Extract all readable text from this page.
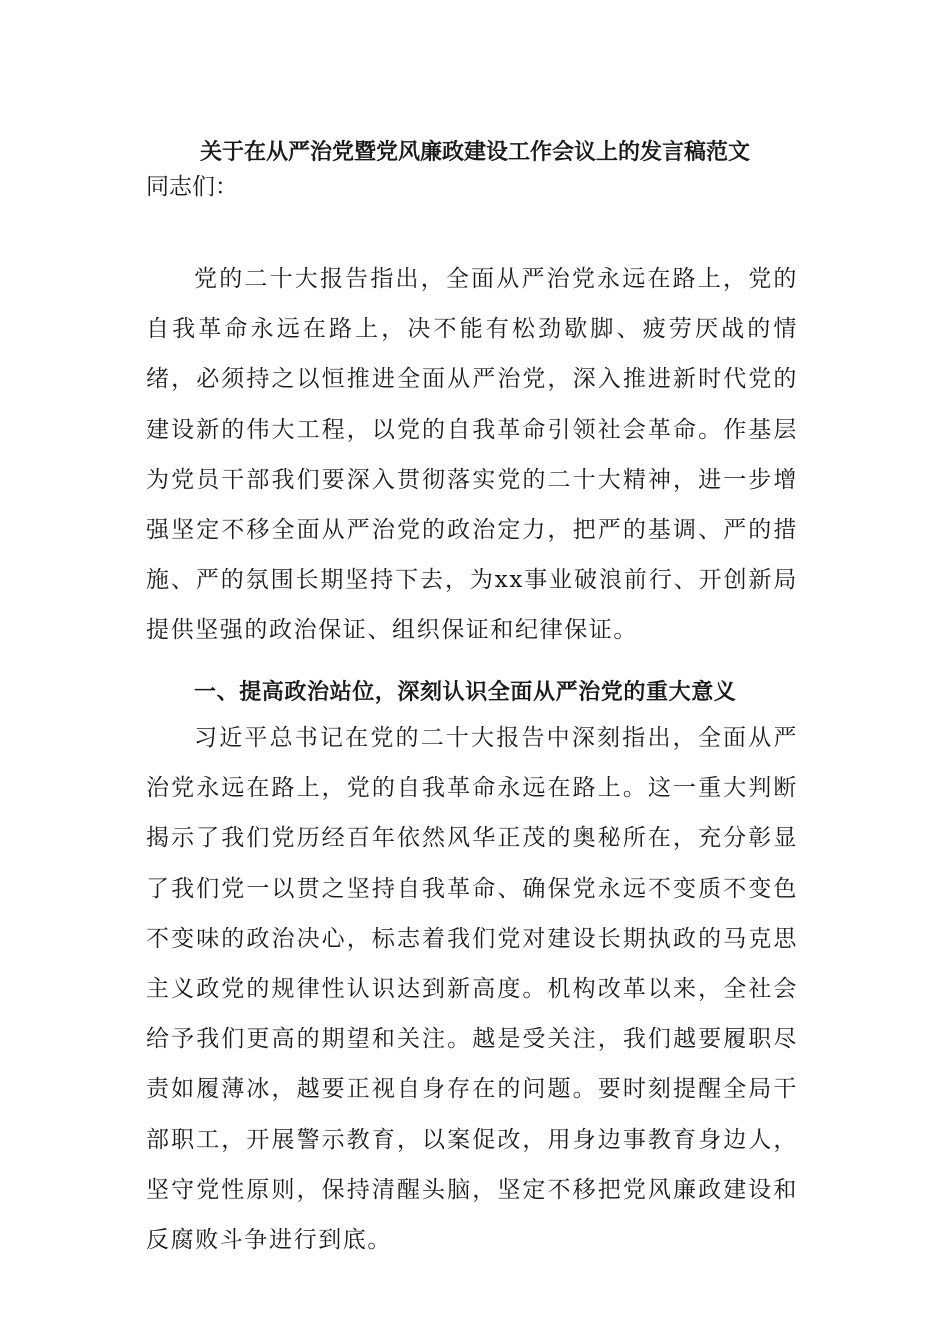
关于在从严治党暨党风廉政建设工作会议上的发言稿范文

同志们：

党的二十大报告指出，全面从严治党永远在路上，党的自我革命永远在路上，决不能有松劲歇脚、疲劳厌战的情绪，必须持之以恒推进全面从严治党，深入推进新时代党的建设新的伟大工程，以党的自我革命引领社会革命。作基层为党员干部我们要深入贯彻落实党的二十大精神，进一步增强坚定不移全面从严治党的政治定力，把严的基调、严的措施、严的氛围长期坚持下去，为xx事业破浪前行、开创新局提供坚强的政治保证、组织保证和纪律保证。

一、提高政治站位，深刻认识全面从严治党的重大意义

习近平总书记在党的二十大报告中深刻指出，全面从严治党永远在路上，党的自我革命永远在路上。这一重大判断揭示了我们党历经百年依然风华正茂的奥秘所在，充分彰显了我们党一以贯之坚持自我革命、确保党永远不变质不变色不变味的政治决心，标志着我们党对建设长期执政的马克思主义政党的规律性认识达到新高度。机构改革以来，全社会给予我们更高的期望和关注。越是受关注，我们越要履职尽责如履薄冰，越要正视自身存在的问题。要时刻提醒全局干部职工，开展警示教育，以案促改，用身边事教育身边人，坚守党性原则，保持清醒头脑，坚定不移把党风廉政建设和反腐败斗争进行到底。
